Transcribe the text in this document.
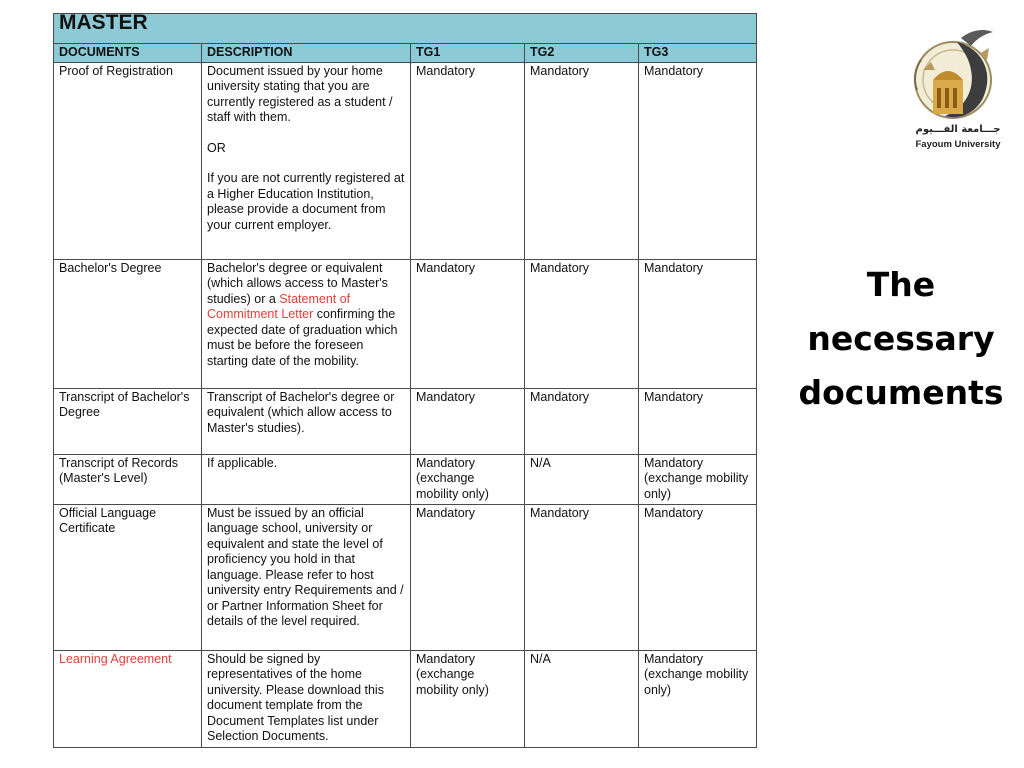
MASTER				
DOCUMENTS	DESCRIPTION	TG1	TG2	TG3
Proof of Registration	Document issued by your home university stating that you are currently registered as a student / staff with them.

OR

If you are not currently registered at a Higher Education Institution, please provide a document from your current employer.	Mandatory	Mandatory	Mandatory
Bachelor's Degree	Bachelor's degree or equivalent (which allows access to Master's studies) or a Statement of Commitment Letter confirming the expected date of graduation which must be before the foreseen starting date of the mobility.	Mandatory	Mandatory	Mandatory
Transcript of Bachelor's Degree	Transcript of Bachelor's degree or equivalent (which allow access to Master's studies).	Mandatory	Mandatory	Mandatory
Transcript of Records (Master's Level)	If applicable.	Mandatory (exchange mobility only)	N/A	Mandatory (exchange mobility only)
Official Language Certificate	Must be issued by an official language school, university or equivalent and state the level of proficiency you hold in that language. Please refer to host university entry Requirements and / or Partner Information Sheet for details of the level required.	Mandatory	Mandatory	Mandatory
Learning Agreement	Should be signed by representatives of the home university. Please download this document template from the Document Templates list under Selection Documents.	Mandatory (exchange mobility only)	N/A	Mandatory (exchange mobility only)
جـــامعة الفـــيوم
Fayoum University
The
necessary
documents
